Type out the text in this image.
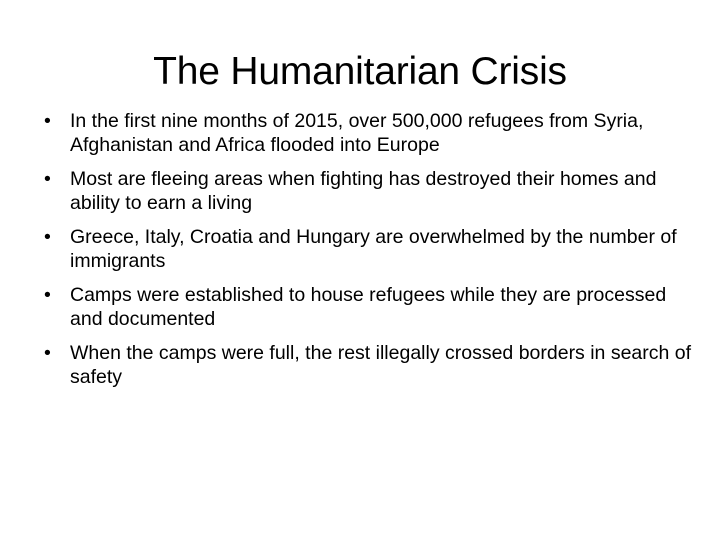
The Humanitarian Crisis
• In the first nine months of 2015, over 500,000 refugees from Syria, Afghanistan and Africa flooded into Europe
• Most are fleeing areas when fighting has destroyed their homes and ability to earn a living
• Greece, Italy, Croatia and Hungary are overwhelmed by the number of immigrants
• Camps were established to house refugees while they are processed and documented
• When the camps were full, the rest illegally crossed borders in search of safety
